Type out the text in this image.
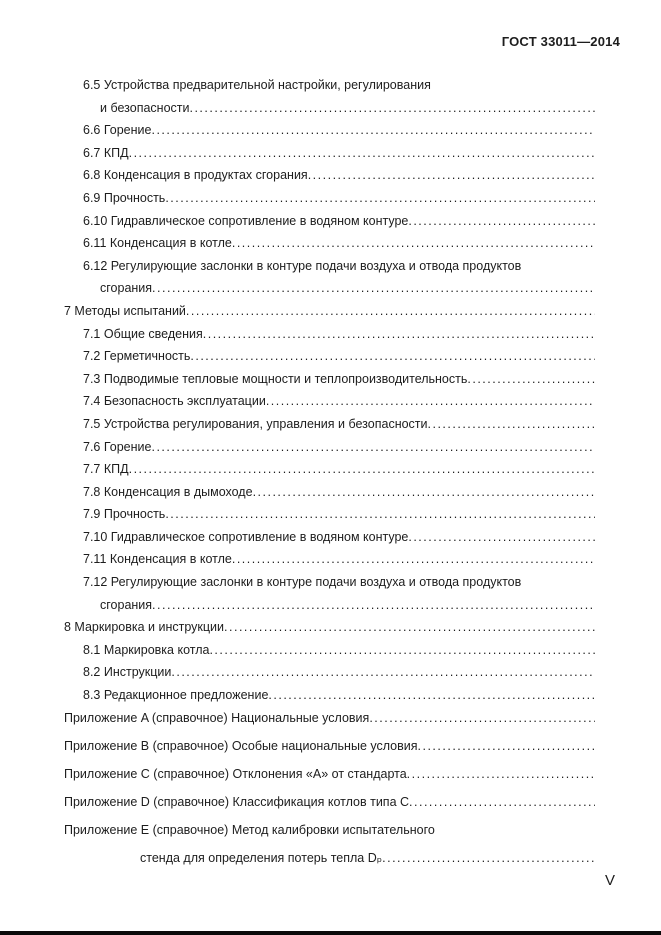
ГОСТ 33011—2014
6.5 Устройства предварительной настройки, регулирования
и безопасности
.....
6.6 Горение
.....
6.7 КПД
.....
6.8 Конденсация в продуктах сгорания
.....
6.9 Прочность
.....
6.10 Гидравлическое сопротивление в водяном контуре
.....
6.11 Конденсация в котле
.....
6.12 Регулирующие заслонки в контуре подачи воздуха и отвода продуктов
сгорания
.....
7 Методы испытаний
.....
7.1 Общие сведения
.....
7.2 Герметичность
.....
7.3 Подводимые тепловые мощности и теплопроизводительность
.....
7.4 Безопасность эксплуатации
.....
7.5 Устройства регулирования, управления и безопасности
.....
7.6 Горение
.....
7.7 КПД
.....
7.8 Конденсация в дымоходе
.....
7.9 Прочность
.....
7.10 Гидравлическое сопротивление в водяном контуре
.....
7.11 Конденсация в котле
.....
7.12 Регулирующие заслонки в контуре подачи воздуха и отвода продуктов
сгорания
.....
8 Маркировка и инструкции
.....
8.1 Маркировка котла
.....
8.2 Инструкции
.....
8.3 Редакционное предложение
.....
Приложение A (справочное) Национальные условия
.....
Приложение B (справочное) Особые национальные условия
.....
Приложение C (справочное) Отклонения «А» от стандарта
.....
Приложение D (справочное) Классификация котлов типа С
.....
Приложение E (справочное) Метод калибровки испытательного
стенда для определения потерь тепла Dₚ
.....
V
